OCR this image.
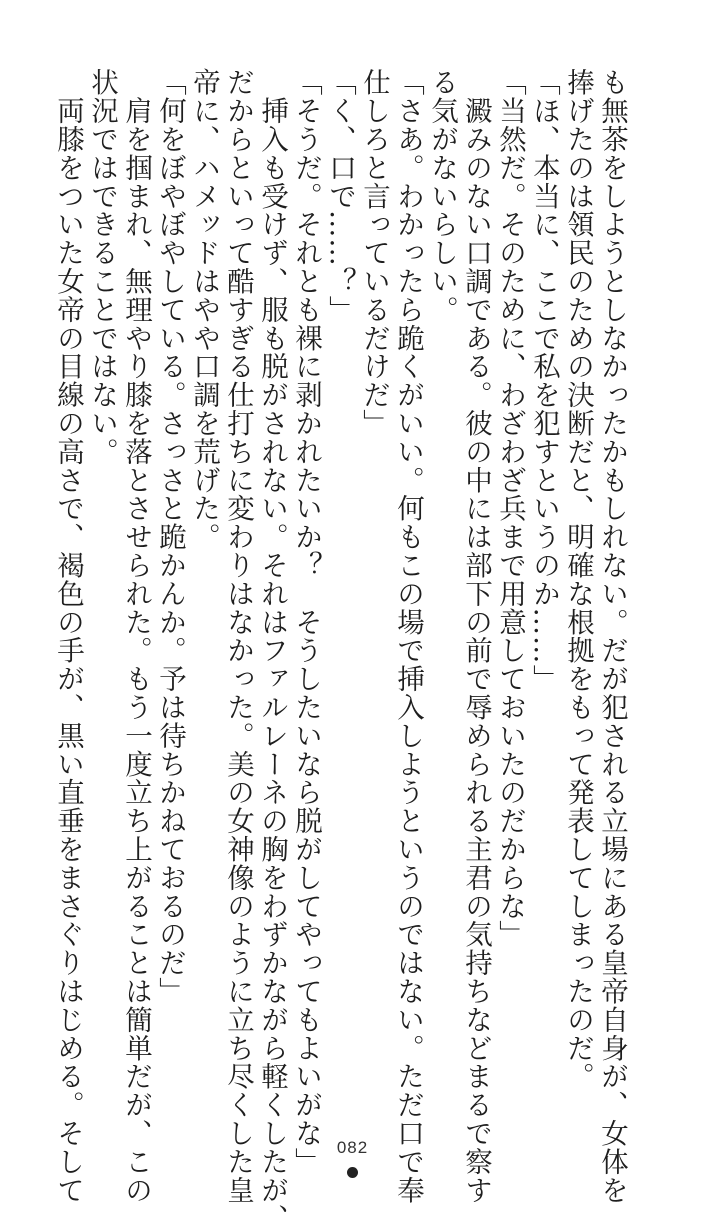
も無茶をしようとしなかったかもしれない。だが犯される立場にある皇帝自身が、女体を

捧げたのは領民のための決断だと、明確な根拠をもって発表してしまったのだ。

「ほ、本当に、ここで私を犯すというのか……」

「当然だ。そのために、わざわざ兵まで用意しておいたのだからな」

　澱みのない口調である。彼の中には部下の前で辱められる主君の気持ちなどまるで察す

る気がないらしい。

「さあ。わかったら跪くがいい。何もこの場で挿入しようというのではない。ただ口で奉

仕しろと言っているだけだ」

「く、口で……？」

「そうだ。それとも裸に剥かれたいか？　そうしたいなら脱がしてやってもよいがな」

　挿入も受けず、服も脱がされない。それはファルレーネの胸をわずかながら軽くしたが、

だからといって酷すぎる仕打ちに変わりはなかった。美の女神像のように立ち尽くした皇

帝に、ハメッドはやや口調を荒げた。

「何をぼやぼやしている。さっさと跪かんか。予は待ちかねておるのだ」

　肩を掴まれ、無理やり膝を落とさせられた。もう一度立ち上がることは簡単だが、この

状況ではできることではない。

　両膝をついた女帝の目線の高さで、褐色の手が、黒い直垂をまさぐりはじめる。そして	082
